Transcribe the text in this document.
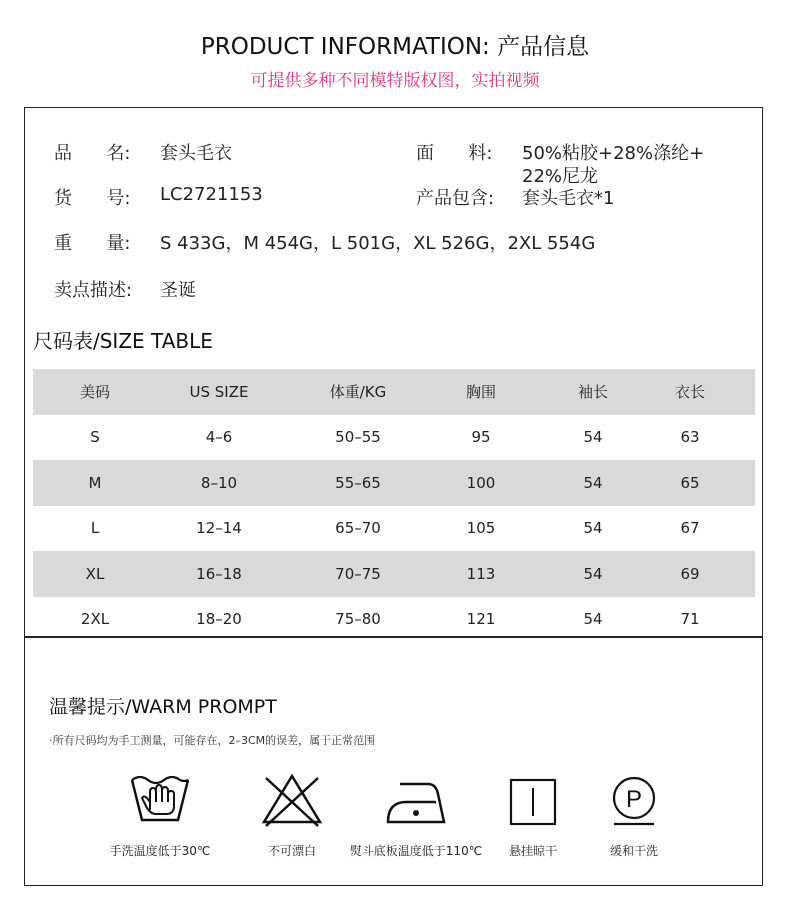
PRODUCT INFORMATION: 产品信息
可提供多种不同模特版权图，实拍视频
品      名: 套头毛衣	面      料: 50%粘胶+28%涤纶+
22%尼龙
货      号: LC2721153	产品包含: 套头毛衣*1
重      量: S 433G，M 454G，L 501G，XL 526G，2XL 554G
卖点描述: 圣诞
尺码表/SIZE TABLE
美码	US SIZE	体重/KG	胸围	袖长	衣长
S	4–6	50–55	95	54	63
M	8–10	55–65	100	54	65
L	12–14	65–70	105	54	67
XL	16–18	70–75	113	54	69
2XL	18–20	75–80	121	54	71
温馨提示/WARM PROMPT
·所有尺码均为手工测量，可能存在，2–3CM的误差，属于正常范围
手洗温度低于30℃	不可漂白	熨斗底板温度低于110℃	悬挂晾干
P
缓和干洗
